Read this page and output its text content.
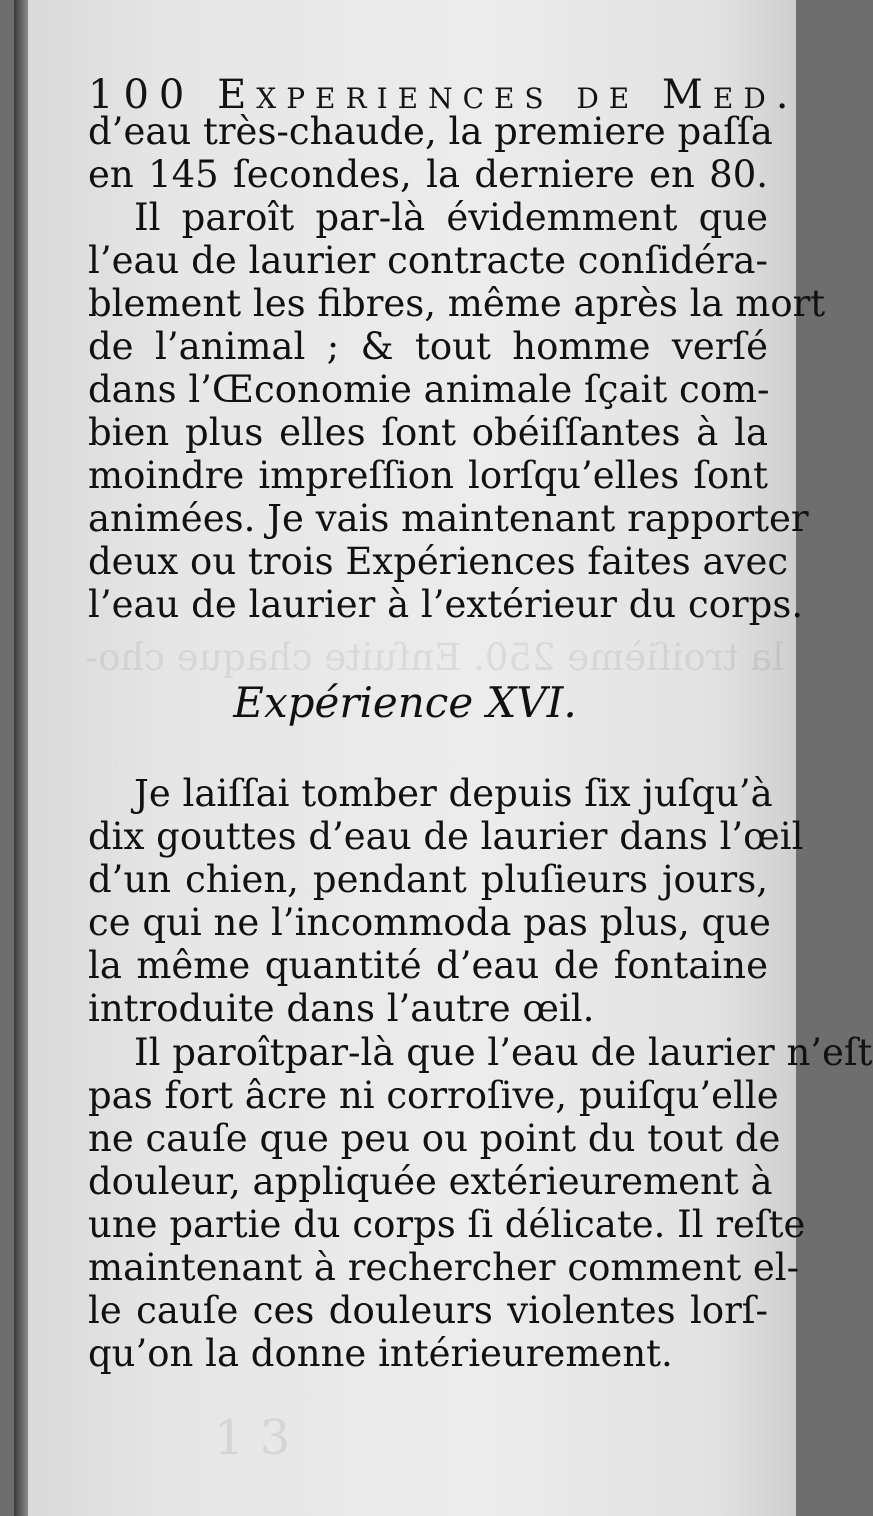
la troiſième 250. Enſuite chaque cho-
1 3
100 Experiences de Med.
d’eau très-chaude, la premiere paſſa
en 145 ſecondes, la derniere en 80.
Il paroît par-là évidemment que
l’eau de laurier contracte conſidéra-
blement les fibres, même après la mort
de l’animal ; & tout homme verſé
dans l’Œconomie animale ſçait com-
bien plus elles ſont obéiſſantes à la
moindre impreſſion lorſqu’elles ſont
animées. Je vais maintenant rapporter
deux ou trois Expériences faites avec
l’eau de laurier à l’extérieur du corps.
Expérience XVI.
Je laiſſai tomber depuis ſix juſqu’à
dix gouttes d’eau de laurier dans l’œil
d’un chien, pendant pluſieurs jours,
ce qui ne l’incommoda pas plus, que
la même quantité d’eau de fontaine
introduite dans l’autre œil.
Il paroîtpar-là que l’eau de laurier n’eſt
pas fort âcre ni corroſive, puiſqu’elle
ne cauſe que peu ou point du tout de
douleur, appliquée extérieurement à
une partie du corps ſi délicate. Il reſte
maintenant à rechercher comment el-
le cauſe ces douleurs violentes lorſ-
qu’on la donne intérieurement.
